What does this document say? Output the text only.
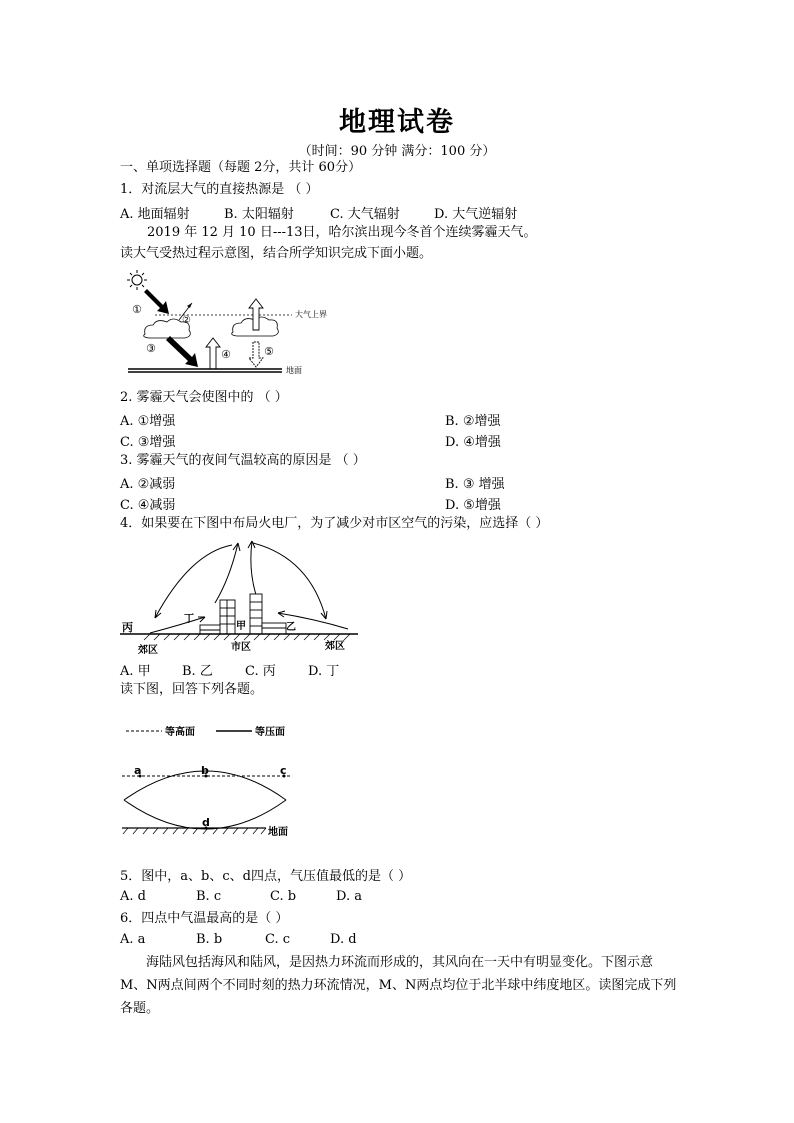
地理试卷
（时间：90 分钟 满分：100 分）
一、单项选择题（每题 2分，共计 60分）
1．对流层大气的直接热源是 （ ）
A. 地面辐射	B. 太阳辐射	C. 大气辐射	D. 大气逆辐射
2019 年 12 月 10 日---13日，哈尔滨出现今冬首个连续雾霾天气。
读大气受热过程示意图，结合所学知识完成下面小题。
大气上界
①
②
③	④	⑤
地面
2. 雾霾天气会使图中的 （ ）
A. ①增强	B. ②增强
C. ③增强	D. ④增强
3. 雾霾天气的夜间气温较高的原因是 （ ）
A. ②减弱	B. ③ 增强
C. ④减弱	D. ⑤增强
4．如果要在下图中布局火电厂，为了减少对市区空气的污染，应选择（ ）
丙
丁
甲	乙
郊区	市区	郊区
A. 甲 B. 乙 C. 丙 D. 丁
读下图，回答下列各题。
等高面	等压面
a	b	c
d
地面
5．图中，a、b、c、d四点，气压值最低的是（ ）
A. d	B. c	C. b	D. a
6．四点中气温最高的是（ ）
A. a	B. b	C. c	D. d
海陆风包括海风和陆风，是因热力环流而形成的，其风向在一天中有明显变化。下图示意 M、N两点间两个不同时刻的热力环流情况，M、N两点均位于北半球中纬度地区。读图完成下列各题。
